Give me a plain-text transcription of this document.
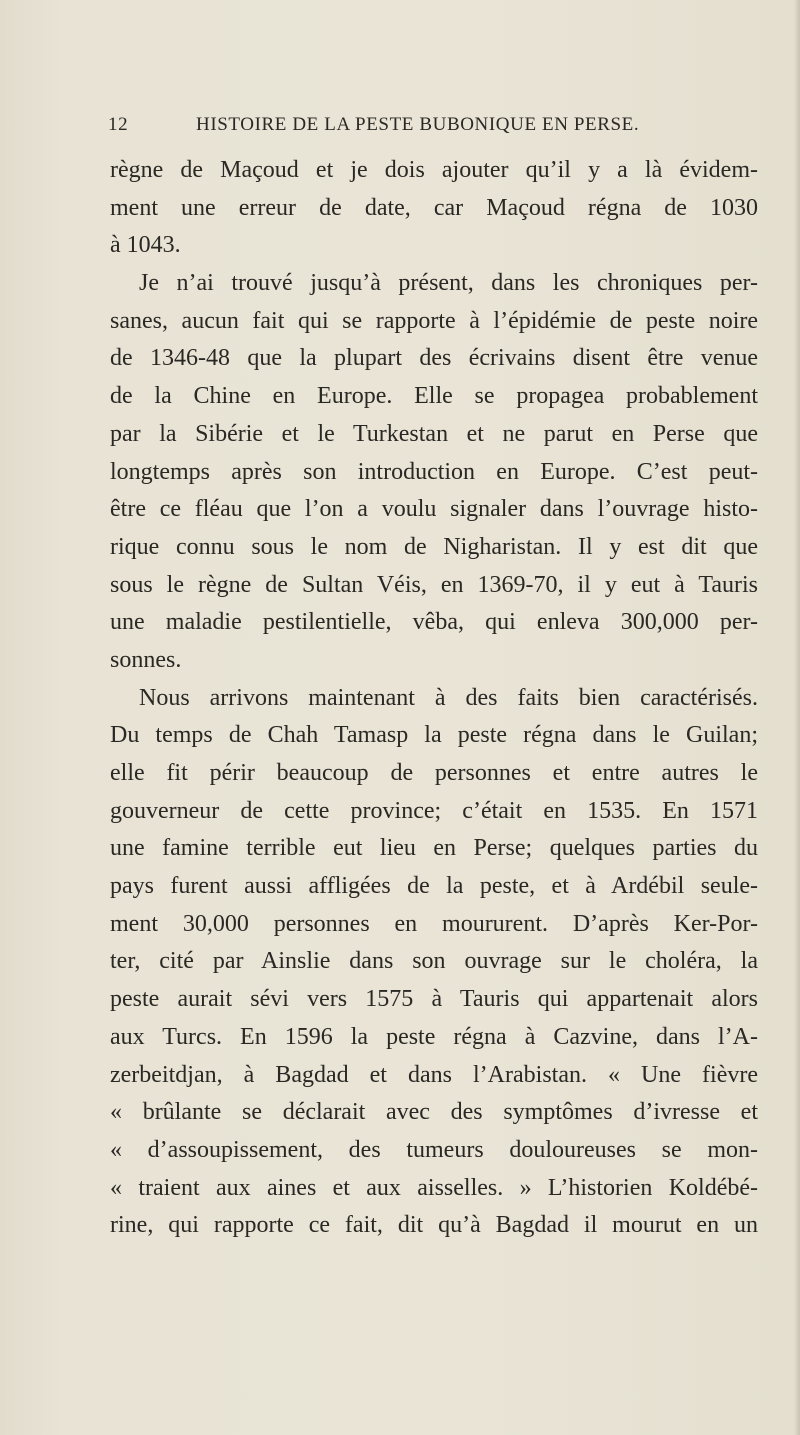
12	HISTOIRE DE LA PESTE BUBONIQUE EN PERSE.
règne de Maçoud et je dois ajouter qu’il y a là évidem-
ment une erreur de date, car Maçoud régna de 1030
à 1043.
Je n’ai trouvé jusqu’à présent, dans les chroniques per-
sanes, aucun fait qui se rapporte à l’épidémie de peste noire
de 1346-48 que la plupart des écrivains disent être venue
de la Chine en Europe. Elle se propagea probablement
par la Sibérie et le Turkestan et ne parut en Perse que
longtemps après son introduction en Europe. C’est peut-
être ce fléau que l’on a voulu signaler dans l’ouvrage histo-
rique connu sous le nom de Nigharistan. Il y est dit que
sous le règne de Sultan Véis, en 1369-70, il y eut à Tauris
une maladie pestilentielle, vêba, qui enleva 300,000 per-
sonnes.
Nous arrivons maintenant à des faits bien caractérisés.
Du temps de Chah Tamasp la peste régna dans le Guilan;
elle fit périr beaucoup de personnes et entre autres le
gouverneur de cette province; c’était en 1535. En 1571
une famine terrible eut lieu en Perse; quelques parties du
pays furent aussi affligées de la peste, et à Ardébil seule-
ment 30,000 personnes en moururent. D’après Ker-Por-
ter, cité par Ainslie dans son ouvrage sur le choléra, la
peste aurait sévi vers 1575 à Tauris qui appartenait alors
aux Turcs. En 1596 la peste régna à Cazvine, dans l’A-
zerbeitdjan, à Bagdad et dans l’Arabistan. « Une fièvre
« brûlante se déclarait avec des symptômes d’ivresse et
« d’assoupissement, des tumeurs douloureuses se mon-
« traient aux aines et aux aisselles. » L’historien Koldébé-
rine, qui rapporte ce fait, dit qu’à Bagdad il mourut en un
